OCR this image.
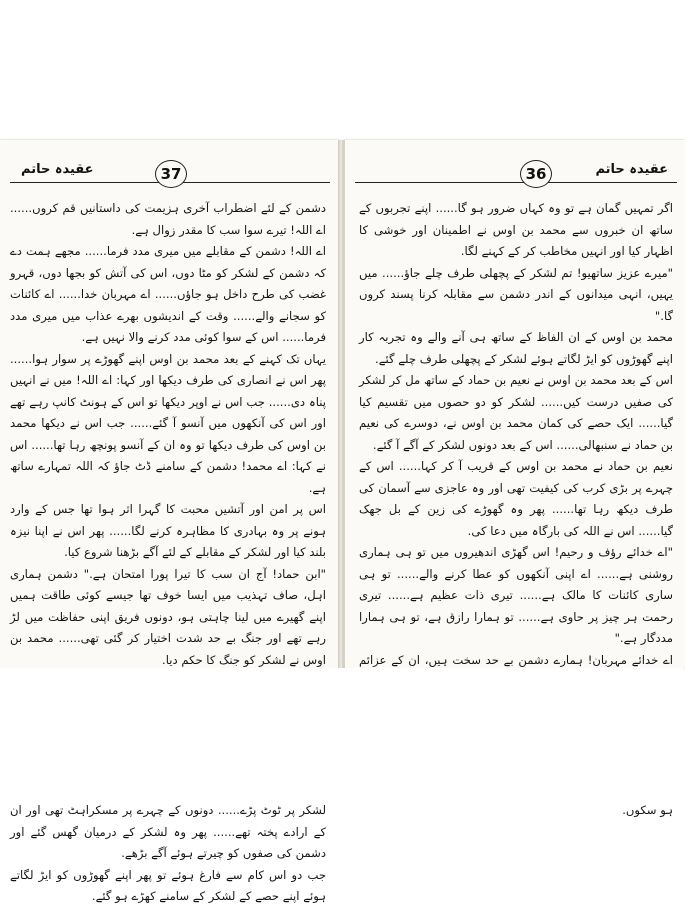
عقیدہ حاتم	37

دشمن کے لئے اضطراب آخری ہزیمت کی داستانیں قم کروں...... اے اللہ! تیرے سوا سب کا مقدر زوال ہے.

اے اللہ! دشمن کے مقابلے میں میری مدد فرما...... مجھے ہمت دے کہ دشمن کے لشکر کو مٹا دوں، اس کی آتش کو بجھا دوں، قہرو غضب کی طرح داخل ہو جاؤں...... اے مہربان خدا...... اے کائنات کو سجانے والے...... وقت کے اندیشوں بھرے عذاب میں میری مدد فرما...... اس کے سوا کوئی مدد کرنے والا نہیں ہے.

یہاں تک کہنے کے بعد محمد بن اوس اپنے گھوڑے پر سوار ہوا...... پھر اس نے انصاری کی طرف دیکھا اور کہا: اے اللہ! میں نے انہیں پناہ دی...... جب اس نے اوپر دیکھا تو اس کے ہونٹ کانپ رہے تھے اور اس کی آنکھوں میں آنسو آ گئے...... جب اس نے دیکھا محمد بن اوس کی طرف دیکھا تو وہ ان کے آنسو پونچھ رہا تھا...... اس نے کہا: اے محمد! دشمن کے سامنے ڈٹ جاؤ کہ اللہ تمہارے ساتھ ہے.

اس پر امن اور آتشیں محبت کا گہرا اثر ہوا تھا جس کے وارد ہونے پر وہ بہادری کا مظاہرہ کرنے لگا...... پھر اس نے اپنا نیزہ بلند کیا اور لشکر کے مقابلے کے لئے آگے بڑھنا شروع کیا.

"ابن حماد! آج ان سب کا تیرا پورا امتحان ہے." دشمن ہماری اہل، صاف تہذیب میں ایسا خوف تھا جیسے کوئی طاقت ہمیں اپنے گھیرے میں لینا چاہتی ہو، دونوں فریق اپنی حفاظت میں لڑ رہے تھے اور جنگ بے حد شدت اختیار کر گئی تھی...... محمد بن اوس نے لشکر کو جنگ کا حکم دیا.

لشکر پر ٹوٹ پڑے...... دونوں کے چہرے پر مسکراہٹ تھی اور ان کے ارادے پختہ تھے...... پھر وہ لشکر کے درمیان گھس گئے اور دشمن کی صفوں کو چیرتے ہوئے آگے بڑھے.

جب دو اس کام سے فارغ ہوئے تو پھر اپنے گھوڑوں کو ایڑ لگاتے ہوئے اپنے حصے کے لشکر کے سامنے کھڑے ہو گئے.

عقیدہ حاتم
36

اگر تمہیں گمان ہے تو وہ کہاں ضرور ہو گا...... اپنے تجربوں کے ساتھ ان خبروں سے محمد بن اوس نے اطمینان اور خوشی کا اظہار کیا اور انہیں مخاطب کر کے کہنے لگا.

"میرے عزیز ساتھیو! تم لشکر کے پچھلی طرف چلے جاؤ...... میں یہیں، انہی میدانوں کے اندر دشمن سے مقابلہ کرنا پسند کروں گا."

محمد بن اوس کے ان الفاظ کے ساتھ ہی آنے والے وہ تجربہ کار اپنے گھوڑوں کو ایڑ لگاتے ہوئے لشکر کے پچھلی طرف چلے گئے.

اس کے بعد محمد بن اوس نے نعیم بن حماد کے ساتھ مل کر لشکر کی صفیں درست کیں...... لشکر کو دو حصوں میں تقسیم کیا گیا...... ایک حصے کی کمان محمد بن اوس نے، دوسرے کی نعیم بن حماد نے سنبھالی...... اس کے بعد دونوں لشکر کے آگے آ گئے.

نعیم بن حماد نے محمد بن اوس کے قریب آ کر کہا...... اس کے چہرے پر بڑی کرب کی کیفیت تھی اور وہ عاجزی سے آسمان کی طرف دیکھ رہا تھا...... پھر وہ گھوڑے کی زین کے بل جھک گیا...... اس نے اللہ کی بارگاہ میں دعا کی.

"اے خدائے رؤف و رحیم! اس گھڑی اندھیروں میں تو ہی ہماری روشنی ہے...... اے اپنی آنکھوں کو عطا کرنے والے...... تو ہی ساری کائنات کا مالک ہے...... تیری ذات عظیم ہے...... تیری رحمت ہر چیز پر حاوی ہے...... تو ہمارا رازق ہے، تو ہی ہمارا مددگار ہے."

اے خدائے مہربان! ہمارے دشمن بے حد سخت ہیں، ان کے عزائم

ہو سکوں.
